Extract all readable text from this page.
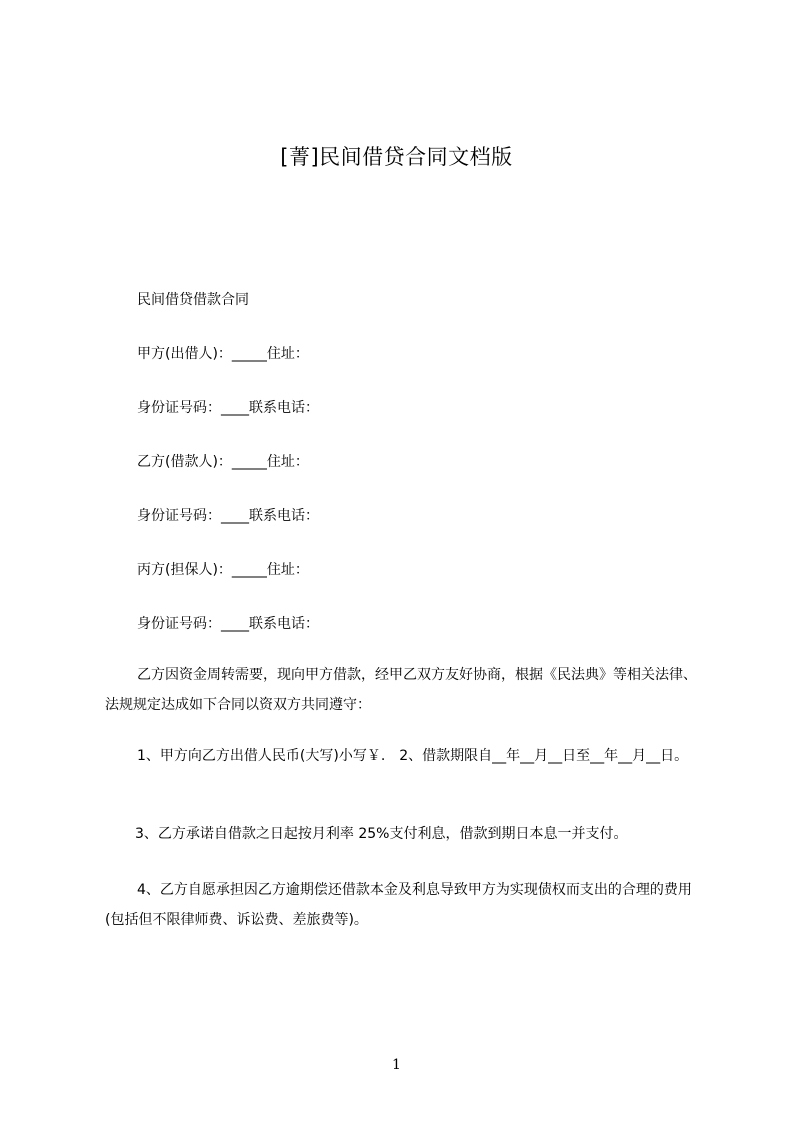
[菁]民间借贷合同文档版
民间借贷借款合同
甲方(出借人)：_____住址：
身份证号码：____联系电话：
乙方(借款人)：_____住址：
身份证号码：____联系电话：
丙方(担保人)：_____住址：
身份证号码：____联系电话：
乙方因资金周转需要，现向甲方借款，经甲乙双方友好协商，根据《民法典》等相关法律、法规规定达成如下合同以资双方共同遵守：
1、甲方向乙方出借人民币(大写)小写￥.　2、借款期限自__年__月__日至__年__月__日。
3、乙方承诺自借款之日起按月利率 25%支付利息，借款到期日本息一并支付。
4、乙方自愿承担因乙方逾期偿还借款本金及利息导致甲方为实现债权而支出的合理的费用(包括但不限律师费、诉讼费、差旅费等)。
1
